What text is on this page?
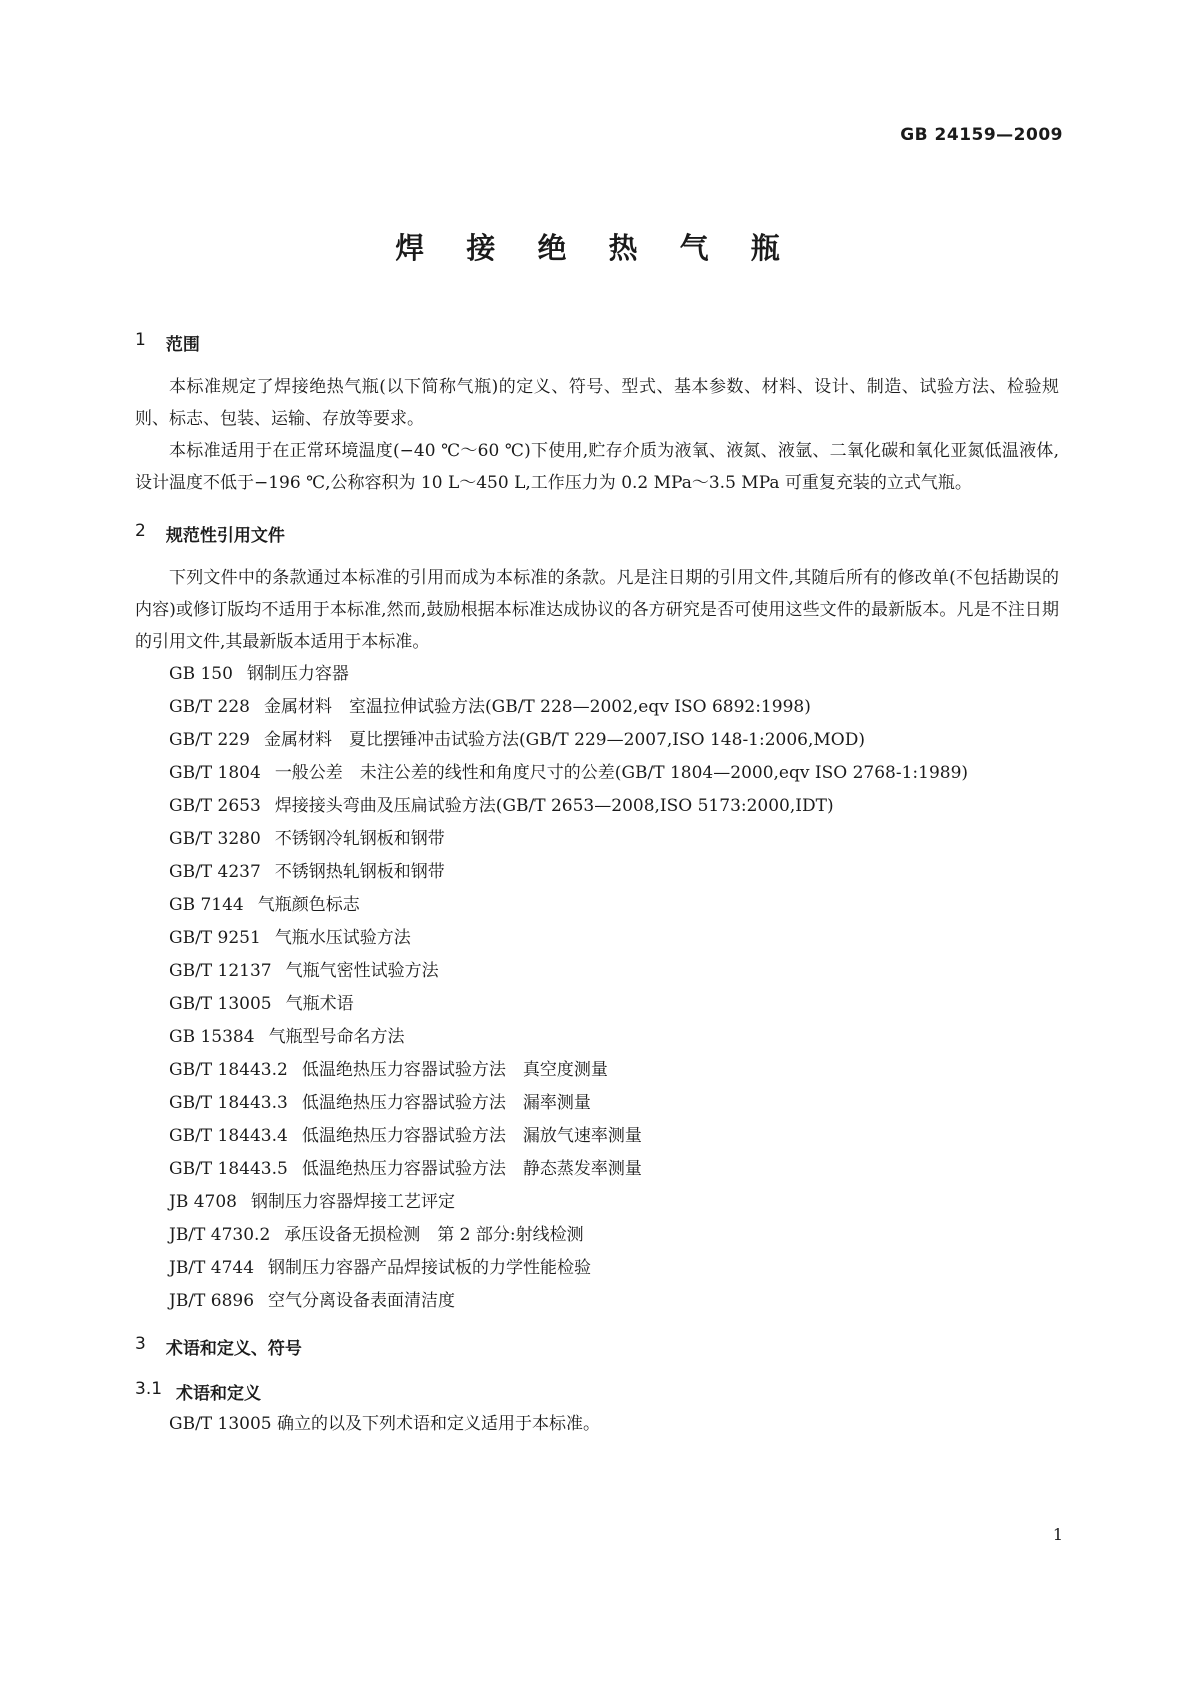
GB 24159—2009
焊 接 绝 热 气 瓶
1 范围
本标准规定了焊接绝热气瓶(以下简称气瓶)的定义、符号、型式、基本参数、材料、设计、制造、试验方法、检验规则、标志、包装、运输、存放等要求。
本标准适用于在正常环境温度(−40 ℃～60 ℃)下使用,贮存介质为液氧、液氮、液氩、二氧化碳和氧化亚氮低温液体,设计温度不低于−196 ℃,公称容积为 10 L～450 L,工作压力为 0.2 MPa～3.5 MPa 可重复充装的立式气瓶。
2 规范性引用文件
下列文件中的条款通过本标准的引用而成为本标准的条款。凡是注日期的引用文件,其随后所有的修改单(不包括勘误的内容)或修订版均不适用于本标准,然而,鼓励根据本标准达成协议的各方研究是否可使用这些文件的最新版本。凡是不注日期的引用文件,其最新版本适用于本标准。
GB 150 钢制压力容器
GB/T 228 金属材料　室温拉伸试验方法(GB/T 228—2002,eqv ISO 6892:1998)
GB/T 229 金属材料　夏比摆锤冲击试验方法(GB/T 229—2007,ISO 148-1:2006,MOD)
GB/T 1804 一般公差　未注公差的线性和角度尺寸的公差(GB/T 1804—2000,eqv ISO 2768-1:1989)
GB/T 2653 焊接接头弯曲及压扁试验方法(GB/T 2653—2008,ISO 5173:2000,IDT)
GB/T 3280 不锈钢冷轧钢板和钢带
GB/T 4237 不锈钢热轧钢板和钢带
GB 7144 气瓶颜色标志
GB/T 9251 气瓶水压试验方法
GB/T 12137 气瓶气密性试验方法
GB/T 13005 气瓶术语
GB 15384 气瓶型号命名方法
GB/T 18443.2 低温绝热压力容器试验方法　真空度测量
GB/T 18443.3 低温绝热压力容器试验方法　漏率测量
GB/T 18443.4 低温绝热压力容器试验方法　漏放气速率测量
GB/T 18443.5 低温绝热压力容器试验方法　静态蒸发率测量
JB 4708 钢制压力容器焊接工艺评定
JB/T 4730.2 承压设备无损检测　第 2 部分:射线检测
JB/T 4744 钢制压力容器产品焊接试板的力学性能检验
JB/T 6896 空气分离设备表面清洁度
3 术语和定义、符号
3.1 术语和定义
GB/T 13005 确立的以及下列术语和定义适用于本标准。
1
